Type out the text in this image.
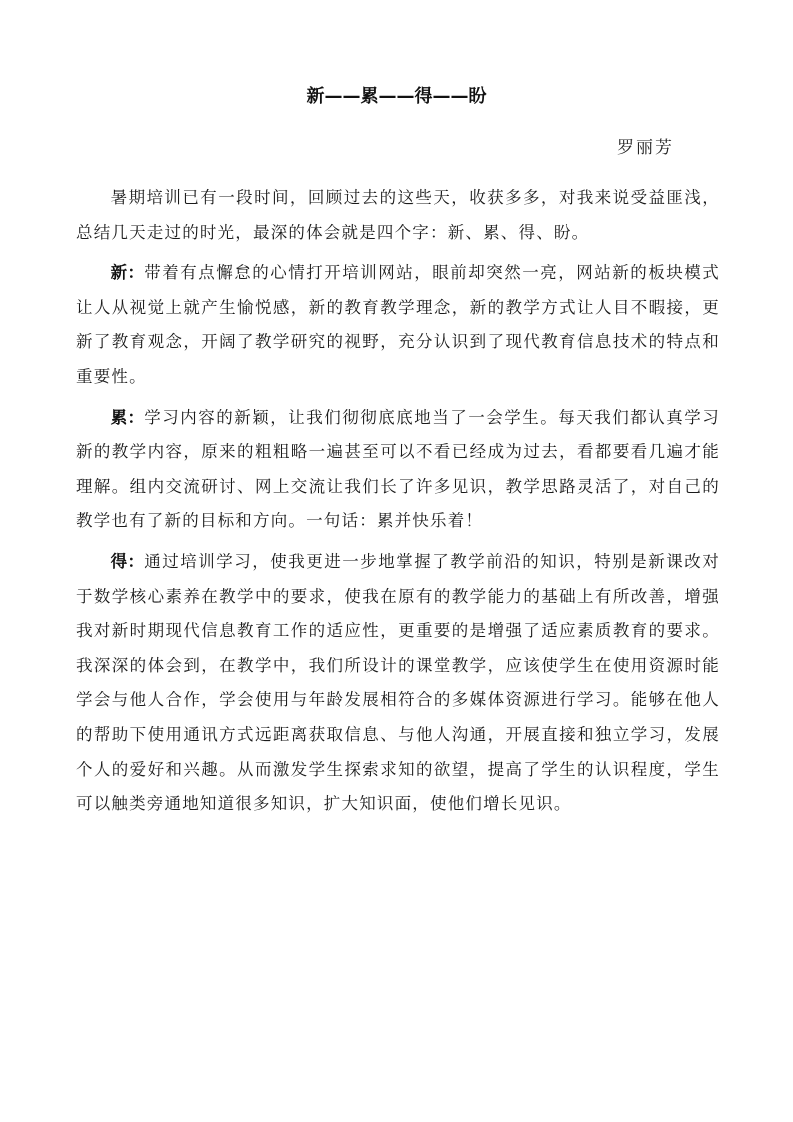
新——累——得——盼
罗丽芳

暑期培训已有一段时间，回顾过去的这些天，收获多多，对我来说受益匪浅，总结几天走过的时光，最深的体会就是四个字：新、累、得、盼。

新：带着有点懈怠的心情打开培训网站，眼前却突然一亮，网站新的板块模式让人从视觉上就产生愉悦感，新的教育教学理念，新的教学方式让人目不暇接，更新了教育观念，开阔了教学研究的视野，充分认识到了现代教育信息技术的特点和重要性。

累：学习内容的新颖，让我们彻彻底底地当了一会学生。每天我们都认真学习新的教学内容，原来的粗粗略一遍甚至可以不看已经成为过去，看都要看几遍才能理解。组内交流研讨、网上交流让我们长了许多见识，教学思路灵活了，对自己的教学也有了新的目标和方向。一句话：累并快乐着！

得：通过培训学习，使我更进一步地掌握了教学前沿的知识，特别是新课改对于数学核心素养在教学中的要求，使我在原有的教学能力的基础上有所改善，增强我对新时期现代信息教育工作的适应性，更重要的是增强了适应素质教育的要求。我深深的体会到，在教学中，我们所设计的课堂教学，应该使学生在使用资源时能学会与他人合作，学会使用与年龄发展相符合的多媒体资源进行学习。能够在他人的帮助下使用通讯方式远距离获取信息、与他人沟通，开展直接和独立学习，发展个人的爱好和兴趣。从而激发学生探索求知的欲望，提高了学生的认识程度，学生可以触类旁通地知道很多知识，扩大知识面，使他们增长见识。
